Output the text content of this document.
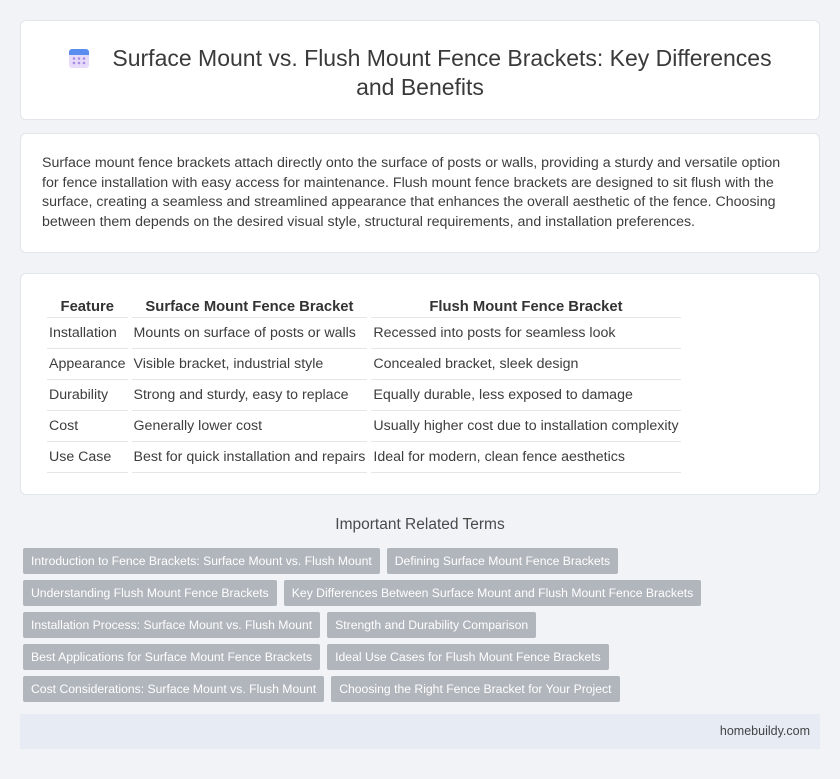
Surface Mount vs. Flush Mount Fence Brackets: Key Differences and Benefits

Surface mount fence brackets attach directly onto the surface of posts or walls, providing a sturdy and versatile option for fence installation with easy access for maintenance. Flush mount fence brackets are designed to sit flush with the surface, creating a seamless and streamlined appearance that enhances the overall aesthetic of the fence. Choosing between them depends on the desired visual style, structural requirements, and installation preferences.

Feature	Surface Mount Fence Bracket	Flush Mount Fence Bracket
Installation	Mounts on surface of posts or walls	Recessed into posts for seamless look
Appearance	Visible bracket, industrial style	Concealed bracket, sleek design
Durability	Strong and sturdy, easy to replace	Equally durable, less exposed to damage
Cost	Generally lower cost	Usually higher cost due to installation complexity
Use Case	Best for quick installation and repairs	Ideal for modern, clean fence aesthetics
Important Related Terms
Introduction to Fence Brackets: Surface Mount vs. Flush Mount	Defining Surface Mount Fence Brackets
Understanding Flush Mount Fence Brackets	Key Differences Between Surface Mount and Flush Mount Fence Brackets
Installation Process: Surface Mount vs. Flush Mount	Strength and Durability Comparison
Best Applications for Surface Mount Fence Brackets	Ideal Use Cases for Flush Mount Fence Brackets
Cost Considerations: Surface Mount vs. Flush Mount	Choosing the Right Fence Bracket for Your Project
homebuildy.com
